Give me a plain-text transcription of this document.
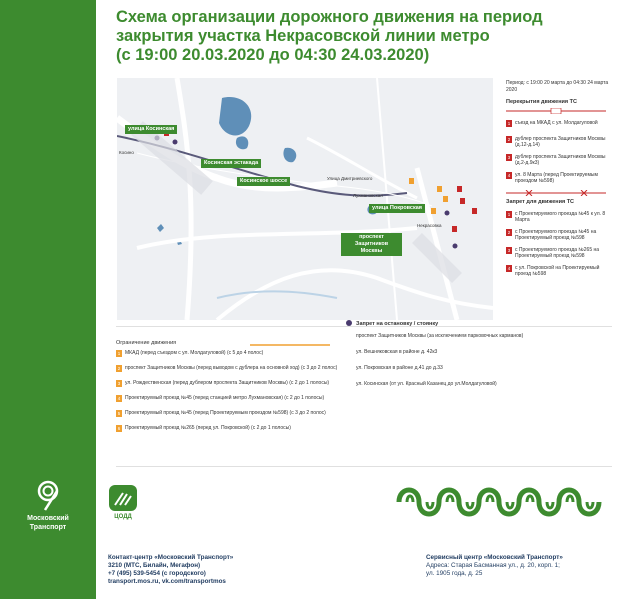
Московский Транспорт
Схема организации дорожного движения на период
закрытия участка Некрасовской линии метро
(с 19:00 20.03.2020 до 04:30 24.03.2020)
улица Косинская
Косинская эстакада
Косинское шоссе
улица Покровская
проспект Защитников Москвы
Косино
Улица Дмитриевского
Лухмановская
Некрасовка
Период: с 19:00 20 марта до 04:30 24 марта 2020
Перекрытия движения ТС
1 съезд на МКАД с ул. Молдагуловой
2 дублер проспекта Защитников Москвы (д.12-д.14)
3 дублер проспекта Защитников Москвы (д.2-д.9к3)
4 ул. 8 Марта (перед Проектируемым проездом №598)
Запрет для движения ТС
1 с Проектируемого проезда №45 к ул. 8 Марта
2 с Проектируемого проезда №45 на Проектируемый проезд №598
3 с Проектируемого проезда №265 на Проектируемый проезд №598
4 с ул. Покровской на Проектируемый проезд №598
Ограничение движения
1 МКАД (перед съездом с ул. Молдагуловой) (с 5 до 4 полос)
2 проспект Защитников Москвы (перед выводом с дублера на основной ход) (с 3 до 2 полос)
3 ул. Рождественская (перед дублером проспекта Защитников Москвы) (с 2 до 1 полосы)
4 Проектируемый проезд №45 (перед станцией метро Лухмановская) (с 2 до 1 полосы)
5 Проектируемый проезд №45 (перед Проектируемым проездом №598) (с 3 до 2 полос)
6 Проектируемый проезд №265 (перед ул. Покровской) (с 2 до 1 полосы)
Запрет на остановку / стоянку
проспект Защитников Москвы (за исключением парковочных карманов)
ул. Вешняковская в районе д. 42к3
ул. Покровская в районе д.41 до д.33
ул. Косинская (от ул. Красный Казанец до ул.Молдагуловой)
ЦОДД
Контакт-центр «Московский Транспорт»
3210 (МТС, Билайн, Мегафон)
+7 (495) 539-5454 (с городского)
transport.mos.ru, vk.com/transportmos
Сервисный центр «Московский Транспорт»
Адреса: Старая Басманная ул., д. 20, корп. 1;
ул. 1905 года, д. 25
